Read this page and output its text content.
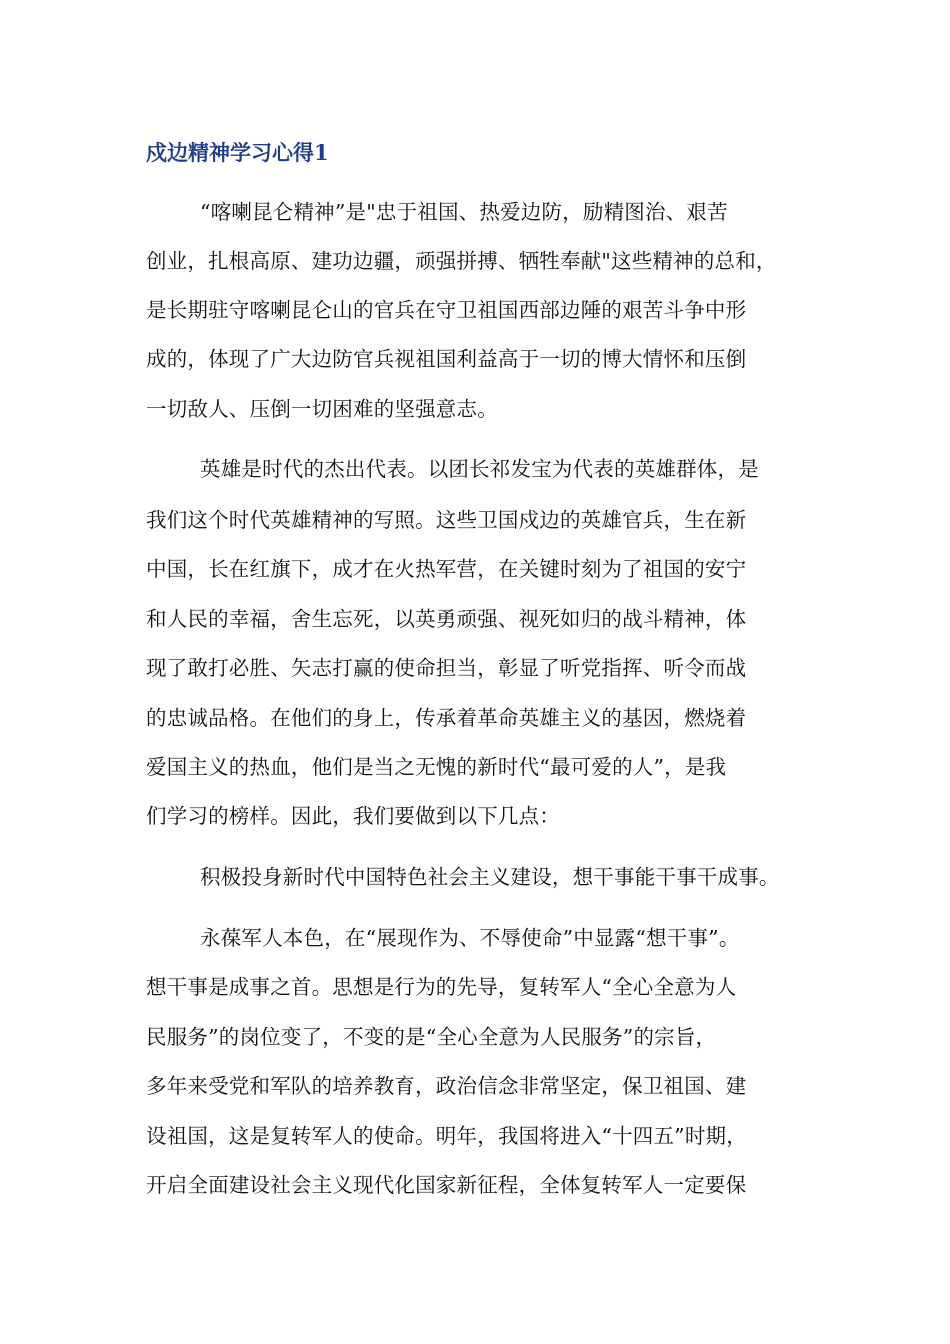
戍边精神学习心得1
“喀喇昆仑精神”是"忠于祖国、热爱边防，励精图治、艰苦
创业，扎根高原、建功边疆，顽强拼搏、牺牲奉献"这些精神的总和，
是长期驻守喀喇昆仑山的官兵在守卫祖国西部边陲的艰苦斗争中形
成的，体现了广大边防官兵视祖国利益高于一切的博大情怀和压倒
一切敌人、压倒一切困难的坚强意志。
英雄是时代的杰出代表。以团长祁发宝为代表的英雄群体，是
我们这个时代英雄精神的写照。这些卫国戍边的英雄官兵，生在新
中国，长在红旗下，成才在火热军营，在关键时刻为了祖国的安宁
和人民的幸福，舍生忘死，以英勇顽强、视死如归的战斗精神，体
现了敢打必胜、矢志打赢的使命担当，彰显了听党指挥、听令而战
的忠诚品格。在他们的身上，传承着革命英雄主义的基因，燃烧着
爱国主义的热血，他们是当之无愧的新时代“最可爱的人”，是我
们学习的榜样。因此，我们要做到以下几点：
积极投身新时代中国特色社会主义建设，想干事能干事干成事。
永葆军人本色，在“展现作为、不辱使命”中显露“想干事”。
想干事是成事之首。思想是行为的先导，复转军人“全心全意为人
民服务”的岗位变了，不变的是“全心全意为人民服务”的宗旨，
多年来受党和军队的培养教育，政治信念非常坚定，保卫祖国、建
设祖国，这是复转军人的使命。明年，我国将进入“十四五”时期，
开启全面建设社会主义现代化国家新征程，全体复转军人一定要保
